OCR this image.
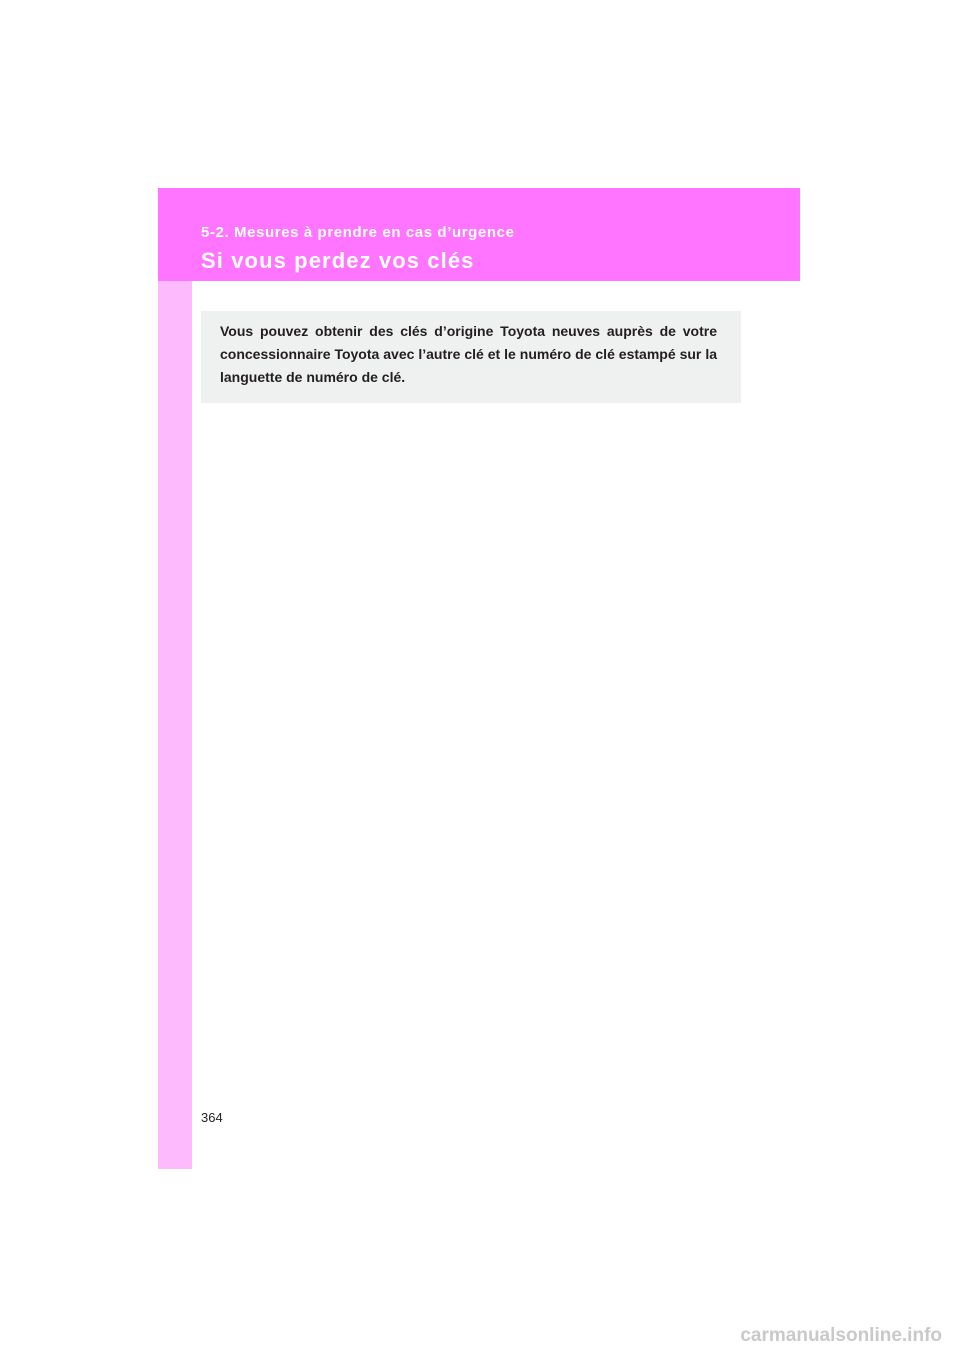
5-2. Mesures à prendre en cas d’urgence

Si vous perdez vos clés

Vous pouvez obtenir des clés d’origine Toyota neuves auprès de votre concessionnaire Toyota avec l’autre clé et le numéro de clé estampé sur la languette de numéro de clé.

364
carmanualsonline.info
